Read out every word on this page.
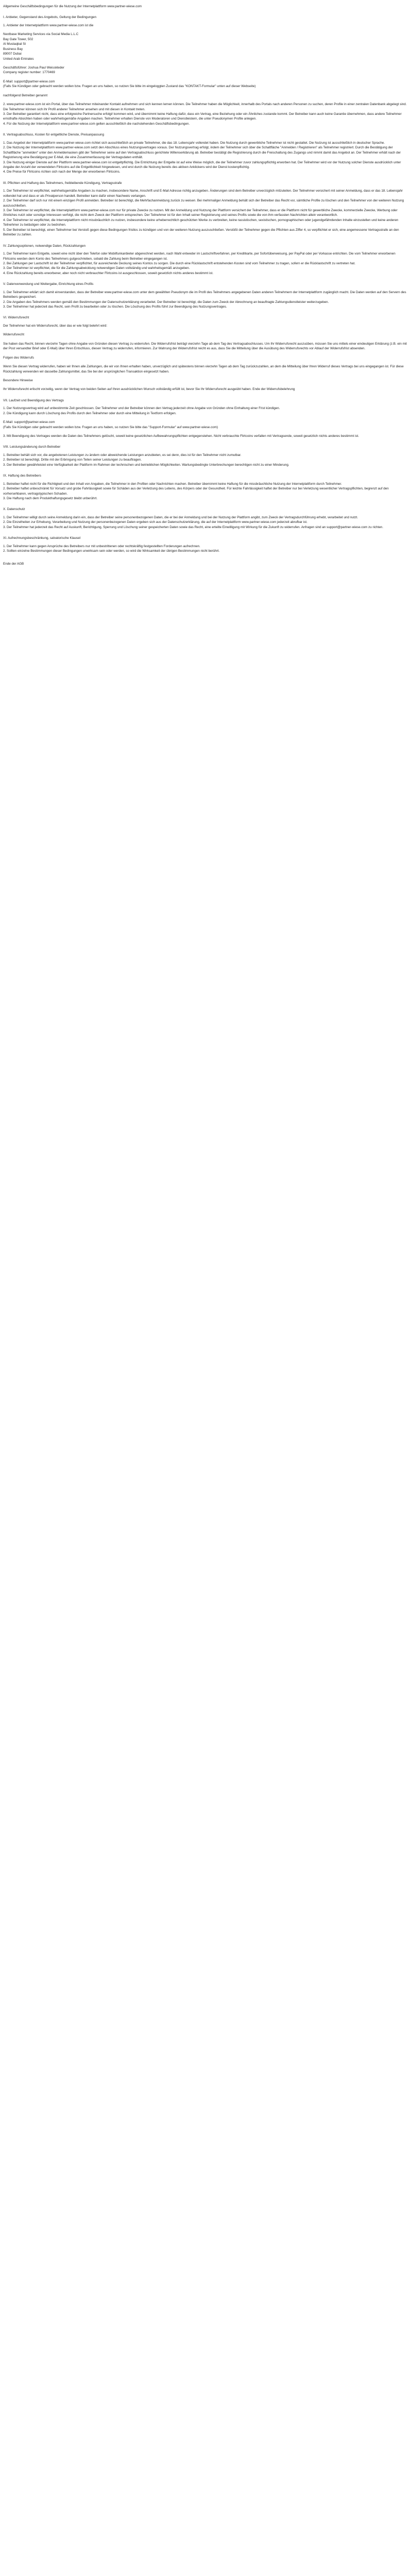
Allgemeine Geschäftsbedingungen für die Nutzung der Internetplattform www.partner-wiese.com

I. Anbieter, Gegenstand des Angebots, Geltung der Bedingungen

1. Anbieter der Internetplattform www.partner-wiese.com ist die

Nextbase Marketing Services via Social Media L.L.C
Bay Gate Tower, 502
Al Mustaqbal St
Business Bay
89007 Dubai
United Arab Emirates

Geschäftsführer: Joshua Paul Weisskleder
Company register number: 1770469

E-Mail: support@partner-wiese.com
(Falls Sie Kündigen oder gebracht werden wollen bzw. Fragen an uns haben, so nutzen Sie bitte im eingeloggten Zustand das "KONTAKT-Formular" unten auf dieser Webseite)

nachfolgend Betreiber genannt

2. www.partner-wiese.com ist ein Portal, über das Teilnehmer miteinander Kontakt aufnehmen und sich kennen lernen können. Die Teilnehmer haben die Möglichkeit, innerhalb des Portals nach anderen Personen zu suchen, deren Profile in einer zentralen Datenbank abgelegt sind. Die Teilnehmer können sich ihr Profil anderer Teilnehmer ansehen und mit diesen in Kontakt treten.
3. Der Betreiber garantiert nicht, dass eine erfolgreiche Partnersuche erfolgt/ kommen wird, und übernimmt keine Haftung dafür, dass ein Vertrag, eine Beziehung oder ein Ähnliches zustande kommt. Der Betreiber kann auch keine Garantie übernehmen, dass andere Teilnehmer ernsthafte Absichten haben oder wahrheitsgemäße Angaben machen. Teilnehmer erhalten Dienste von Moderatoren und Dienstleistern, die unter Pseudonymen Profile anlegen.
4. Für die Nutzung der Internetplattform www.partner-wiese.com gelten ausschließlich die nachstehenden Geschäftsbedingungen.

II. Vertragsabschluss, Kosten für entgeltliche Dienste, Preisanpassung

1. Das Angebot der Internetplattform www.partner-wiese.com richtet sich ausschließlich an private Teilnehmer, die das 18. Lebensjahr vollendet haben. Die Nutzung durch gewerbliche Teilnehmer ist nicht gestattet. Die Nutzung ist ausschließlich in deutscher Sprache.
2. Die Nutzung der Internetplattform www.partner-wiese.com setzt den Abschluss eines Nutzungsvertrages voraus. Der Nutzungsvertrag erfolgt, indem der Teilnehmer sich über die Schaltfläche "Anmelden / Registrieren" als Teilnehmer registriert. Durch die Bestätigung der Schaltfläche "anmelden" unter den Anmeldemasken gibt der Teilnehmer seine auf den Vertragsabschluss gerichtete Willenserklärung ab. Betreiber bestätigt die Registrierung durch die Freischaltung des Zugangs und nimmt damit das Angebot an. Der Teilnehmer erhält nach der Registrierung eine Bestätigung per E-Mail, die eine Zusammenfassung der Vertragsdaten enthält.
3. Die Nutzung einiger Dienste auf der Plattform www.partner-wiese.com ist entgeltpflichtig. Die Entrichtung der Entgelte ist auf eine Weise möglich, die der Teilnehmer zuvor zahlungspflichtig erworben hat. Der Teilnehmer wird vor der Nutzung solcher Dienste ausdrücklich unter Angabe der Anzahl der verwendeten Flirtcoins auf die Entgeltlichkeit hingewiesen, und erst durch die Nutzung bereits des aktiven Anklickens wird der Dienst kostenpflichtig.
4. Die Preise für Flirtcoins richten sich nach der Menge der erworbenen Flirtcoins.

III. Pflichten und Haftung des Teilnehmers, freibleibende Kündigung, Vertragsstrafe

1. Der Teilnehmer ist verpflichtet, wahrheitsgemäße Angaben zu machen, insbesondere Name, Anschrift und E-Mail Adresse richtig anzugeben. Änderungen sind dem Betreiber unverzüglich mitzuteilen. Der Teilnehmer versichert mit seiner Anmeldung, dass er das 18. Lebensjahr vollendet hat und dass er als Privatperson handelt. Betreiber kann dafür einen Nachweis verlangen.
2. Der Teilnehmer darf sich nur mit einem einzigen Profil anmelden. Betreiber ist berechtigt, die Mehrfachanmeldung zurück zu weisen. Bei mehrmaliger Anmeldung behält sich der Betreiber das Recht vor, sämtliche Profile zu löschen und den Teilnehmer von der weiteren Nutzung auszuschließen.
3. Der Teilnehmer ist verpflichtet, die Internetplattform www.partner-wiese.com nur für private Zwecke zu nutzen. Mit der Anmeldung und Nutzung der Plattform versichert der Teilnehmer, dass er die Plattform nicht für gewerbliche Zwecke, kommerzielle Zwecke, Werbung oder Ähnliches nutzt oder sonstige Interessen verfolgt, die nicht dem Zweck der Plattform entsprechen. Der Teilnehmer ist für den Inhalt seiner Registrierung und seines Profils sowie die von ihm verfassten Nachrichten allein verantwortlich.
4. Der Teilnehmer ist verpflichtet, die Internetplattform nicht missbräuchlich zu nutzen, insbesondere keine urheberrechtlich geschützten Werke zu verbreiten, keine rassistischen, sexistischen, pornographischen oder jugendgefährdenden Inhalte einzustellen und keine anderen Teilnehmer zu belästigen oder zu bedrohen.
5. Der Betreiber ist berechtigt, einen Teilnehmer bei Verstoß gegen diese Bedingungen fristlos zu kündigen und von der weiteren Nutzung auszuschließen. Verstößt der Teilnehmer gegen die Pflichten aus Ziffer 4, so verpflichtet er sich, eine angemessene Vertragsstrafe an den Betreiber zu zahlen.

IV. Zahlungsoptionen, notwendige Daten, Rückzahlungen

1. Der Teilnehmer kann Entgelte, soweit eine nicht über den Telefon oder Mobilfunkanbieter abgerechnet werden, nach Wahl entweder im Lastschriftverfahren, per Kreditkarte, per Sofortüberweisung, per PayPal oder per Vorkasse entrichten. Die vom Teilnehmer erworbenen Flirtcoins werden dem Konto des Teilnehmers gutgeschrieben, sobald die Zahlung beim Betreiber eingegangen ist.
2. Bei Zahlungen per Lastschrift ist der Teilnehmer verpflichtet, für ausreichende Deckung seines Kontos zu sorgen. Die durch eine Rücklastschrift entstehenden Kosten sind vom Teilnehmer zu tragen, sofern er die Rücklastschrift zu vertreten hat.
3. Der Teilnehmer ist verpflichtet, die für die Zahlungsabwicklung notwendigen Daten vollständig und wahrheitsgemäß anzugeben.
4. Eine Rückzahlung bereits erworbener, aber noch nicht verbrauchter Flirtcoins ist ausgeschlossen, soweit gesetzlich nichts anderes bestimmt ist.

V. Datenverwendung und Weitergabe, Einrichtung eines Profils

1. Der Teilnehmer erklärt sich damit einverstanden, dass der Betreiber www.partner-wiese.com unter dem gewählten Pseudonym die im Profil des Teilnehmers angegebenen Daten anderen Teilnehmern der Internetplattform zugänglich macht. Die Daten werden auf den Servern des Betreibers gespeichert.
2. Die Angaben des Teilnehmers werden gemäß den Bestimmungen der Datenschutzerklärung verarbeitet. Der Betreiber ist berechtigt, die Daten zum Zweck der Abrechnung an beauftragte Zahlungsdienstleister weiterzugeben.
3. Der Teilnehmer hat jederzeit das Recht, sein Profil zu bearbeiten oder zu löschen. Die Löschung des Profils führt zur Beendigung des Nutzungsvertrages.

VI. Widerrufsrecht

Der Teilnehmer hat ein Widerrufsrecht, über das er wie folgt belehrt wird:

Widerrufsrecht

Sie haben das Recht, binnen vierzehn Tagen ohne Angabe von Gründen diesen Vertrag zu widerrufen. Die Widerrufsfrist beträgt vierzehn Tage ab dem Tag des Vertragsabschlusses. Um Ihr Widerrufsrecht auszuüben, müssen Sie uns mittels einer eindeutigen Erklärung (z.B. ein mit der Post versandter Brief oder E-Mail) über Ihren Entschluss, diesen Vertrag zu widerrufen, informieren. Zur Wahrung der Widerrufsfrist reicht es aus, dass Sie die Mitteilung über die Ausübung des Widerrufsrechts vor Ablauf der Widerrufsfrist absenden.

Folgen des Widerrufs

Wenn Sie diesen Vertrag widerrufen, haben wir Ihnen alle Zahlungen, die wir von Ihnen erhalten haben, unverzüglich und spätestens binnen vierzehn Tagen ab dem Tag zurückzuzahlen, an dem die Mitteilung über Ihren Widerruf dieses Vertrags bei uns eingegangen ist. Für diese Rückzahlung verwenden wir dasselbe Zahlungsmittel, das Sie bei der ursprünglichen Transaktion eingesetzt haben.

Besondere Hinweise

Ihr Widerrufsrecht erlischt vorzeitig, wenn der Vertrag von beiden Seiten auf Ihren ausdrücklichen Wunsch vollständig erfüllt ist, bevor Sie Ihr Widerrufsrecht ausgeübt haben. Ende der Widerrufsbelehrung

VII. Laufzeit und Beendigung des Vertrags

1. Der Nutzungsvertrag wird auf unbestimmte Zeit geschlossen. Der Teilnehmer und der Betreiber können den Vertrag jederzeit ohne Angabe von Gründen ohne Einhaltung einer Frist kündigen.
2. Die Kündigung kann durch Löschung des Profils durch den Teilnehmer oder durch eine Mitteilung in Textform erfolgen.

E-Mail: support@partner-wiese.com
(Falls Sie Kündigen oder gebracht werden wollen bzw. Fragen an uns haben, so nutzen Sie bitte das "Support-Formular" auf www.partner-wiese.com)

3. Mit Beendigung des Vertrages werden die Daten des Teilnehmers gelöscht, soweit keine gesetzlichen Aufbewahrungspflichten entgegenstehen. Nicht verbrauchte Flirtcoins verfallen mit Vertragsende, soweit gesetzlich nichts anderes bestimmt ist.

VIII. Leistungsänderung durch Betreiber

1. Betreiber behält sich vor, die angebotenen Leistungen zu ändern oder abweichende Leistungen anzubieten, es sei denn, dies ist für den Teilnehmer nicht zumutbar.
2. Betreiber ist berechtigt, Dritte mit der Erbringung von Teilen seiner Leistungen zu beauftragen.
3. Der Betreiber gewährleistet eine Verfügbarkeit der Plattform im Rahmen der technischen und betrieblichen Möglichkeiten. Wartungsbedingte Unterbrechungen berechtigen nicht zu einer Minderung.

IX. Haftung des Betreibers

1. Betreiber haftet nicht für die Richtigkeit und den Inhalt von Angaben, die Teilnehmer in den Profilen oder Nachrichten machen. Betreiber übernimmt keine Haftung für die missbräuchliche Nutzung der Internetplattform durch Teilnehmer.
2. Betreiber haftet unbeschränkt für Vorsatz und grobe Fahrlässigkeit sowie für Schäden aus der Verletzung des Lebens, des Körpers oder der Gesundheit. Für leichte Fahrlässigkeit haftet der Betreiber nur bei Verletzung wesentlicher Vertragspflichten, begrenzt auf den vorhersehbaren, vertragstypischen Schaden.
3. Die Haftung nach dem Produkthaftungsgesetz bleibt unberührt.

X. Datenschutz

1. Der Teilnehmer willigt durch seine Anmeldung darin ein, dass der Betreiber seine personenbezogenen Daten, die er bei der Anmeldung und bei der Nutzung der Plattform angibt, zum Zweck der Vertragsdurchführung erhebt, verarbeitet und nutzt.
2. Die Einzelheiten zur Erhebung, Verarbeitung und Nutzung der personenbezogenen Daten ergeben sich aus der Datenschutzerklärung, die auf der Internetplattform www.partner-wiese.com jederzeit abrufbar ist.
3. Der Teilnehmer hat jederzeit das Recht auf Auskunft, Berichtigung, Sperrung und Löschung seiner gespeicherten Daten sowie das Recht, eine erteilte Einwilligung mit Wirkung für die Zukunft zu widerrufen. Anfragen sind an support@partner-wiese.com zu richten.

XI. Aufrechnungsbeschränkung, salvatorische Klausel

1. Der Teilnehmer kann gegen Ansprüche des Betreibers nur mit unbestrittenen oder rechtskräftig festgestellten Forderungen aufrechnen.
2. Sollten einzelne Bestimmungen dieser Bedingungen unwirksam sein oder werden, so wird die Wirksamkeit der übrigen Bestimmungen nicht berührt.

Ende der AGB
